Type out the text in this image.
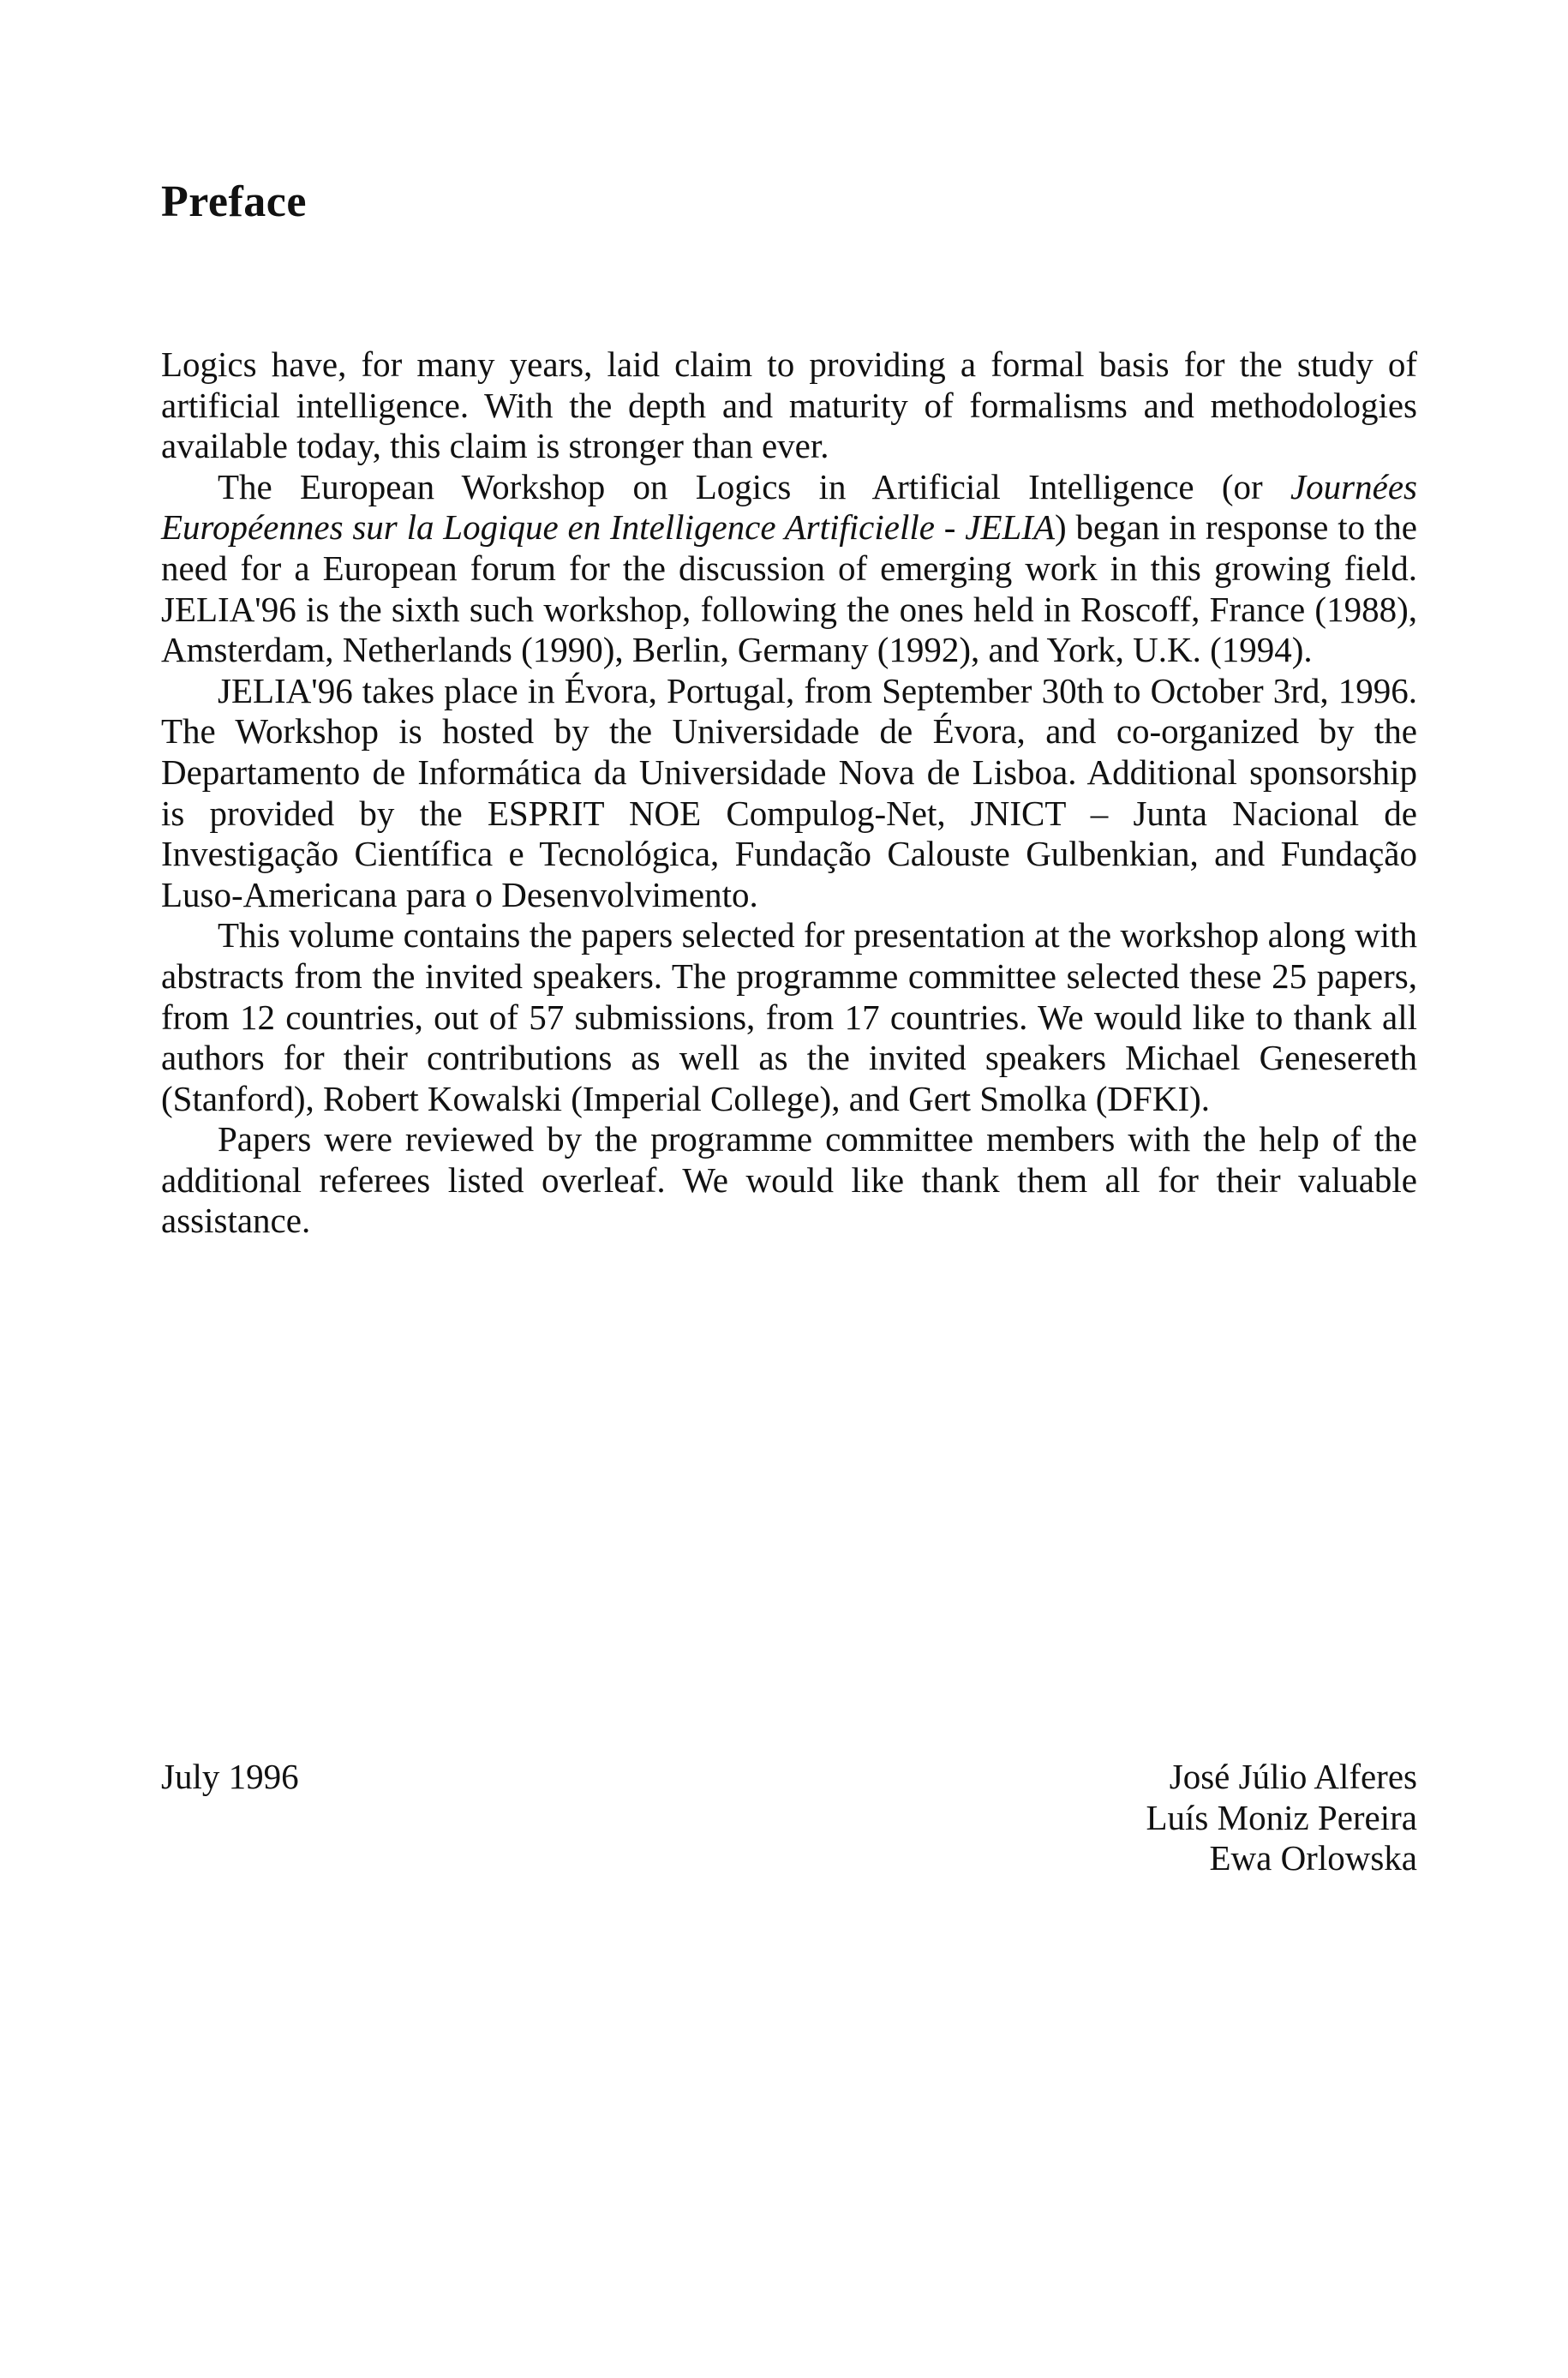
Preface

Logics have, for many years, laid claim to providing a formal basis for the study of artificial intelligence. With the depth and maturity of formalisms and methodologies available today, this claim is stronger than ever.

The European Workshop on Logics in Artificial Intelligence (or Journées Européennes sur la Logique en Intelligence Artificielle - JELIA) began in response to the need for a European forum for the discussion of emerging work in this growing field. JELIA'96 is the sixth such workshop, following the ones held in Roscoff, France (1988), Amsterdam, Netherlands (1990), Berlin, Germany (1992), and York, U.K. (1994).

JELIA'96 takes place in Évora, Portugal, from September 30th to October 3rd, 1996. The Workshop is hosted by the Universidade de Évora, and co-organized by the Departamento de Informática da Universidade Nova de Lisboa. Additional sponsorship is provided by the ESPRIT NOE Compulog-Net, JNICT – Junta Nacional de Investigação Científica e Tecnológica, Fundação Calouste Gulbenkian, and Fundação Luso-Americana para o Desenvolvimento.

This volume contains the papers selected for presentation at the workshop along with abstracts from the invited speakers. The programme committee selected these 25 papers, from 12 countries, out of 57 submissions, from 17 countries. We would like to thank all authors for their contributions as well as the invited speakers Michael Genesereth (Stanford), Robert Kowalski (Imperial College), and Gert Smolka (DFKI).

Papers were reviewed by the programme committee members with the help of the additional referees listed overleaf. We would like thank them all for their valuable assistance.

July 1996	José Júlio Alferes
Luís Moniz Pereira
Ewa Orlowska
